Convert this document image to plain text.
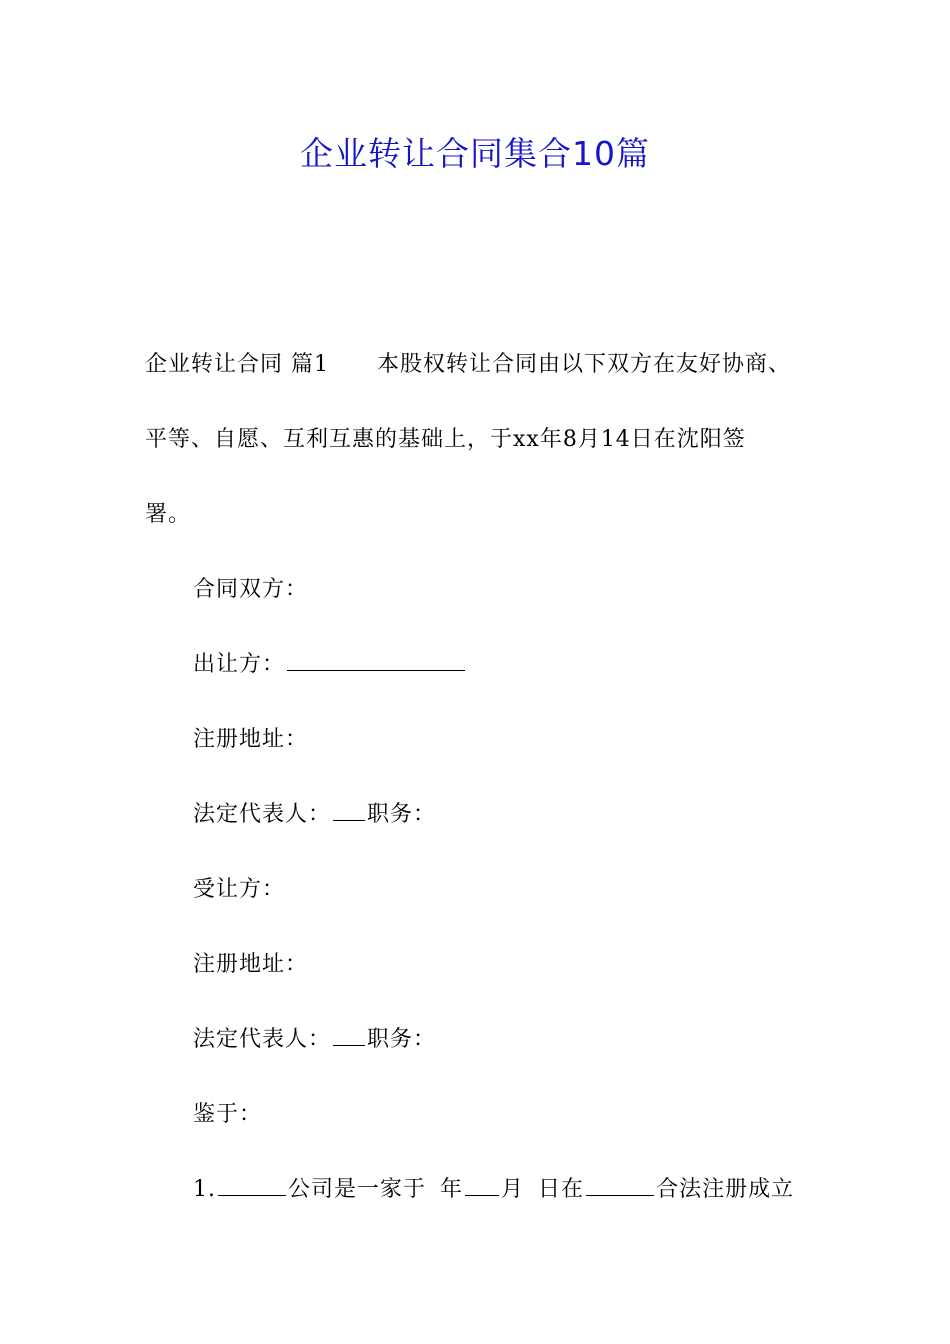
企业转让合同集合10篇
企业转让合同 篇1 本股权转让合同由以下双方在友好协商、
平等、自愿、互利互惠的基础上，于xx年8月14日在沈阳签
署。
合同双方：
出让方：
注册地址：
法定代表人： 职务：
受让方：
注册地址：
法定代表人： 职务：
鉴于：
1.	公司是一家于 年 月 日在	合法注册成立
